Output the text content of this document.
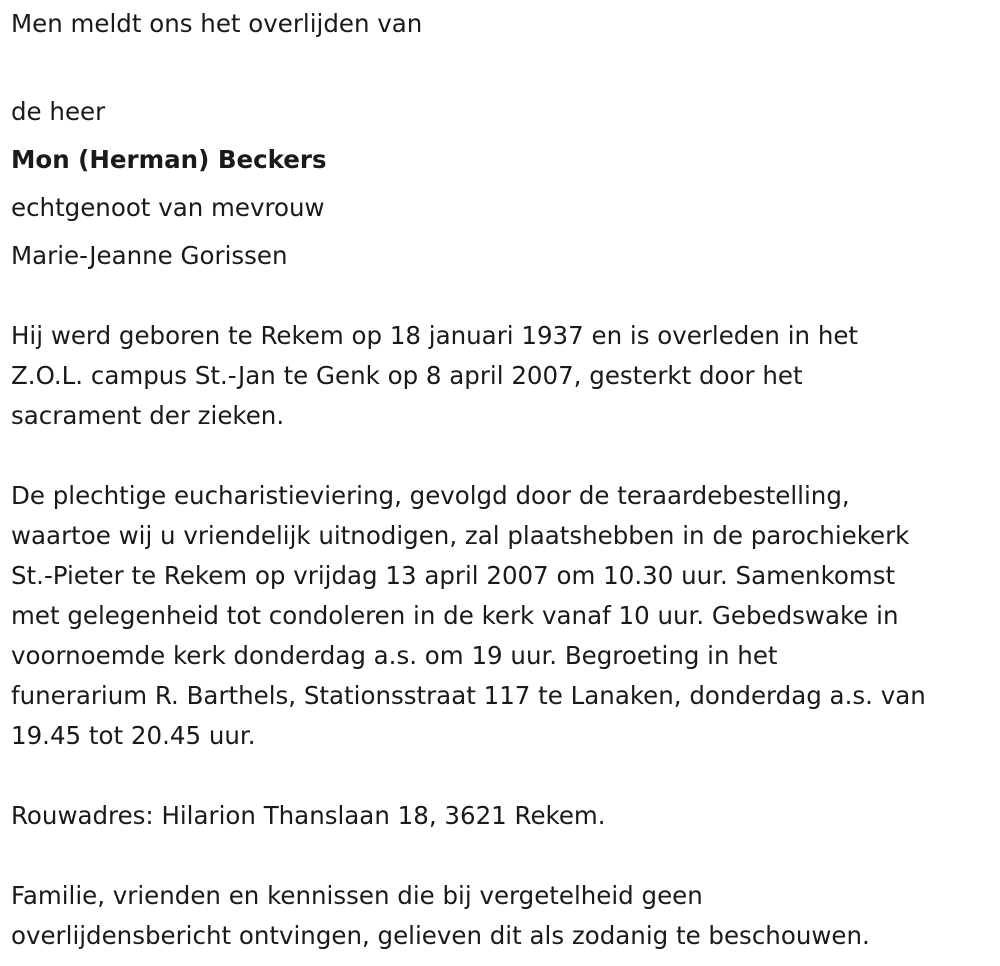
Men meldt ons het overlijden van

de heer

Mon (Herman) Beckers

echtgenoot van mevrouw

Marie-Jeanne Gorissen

Hij werd geboren te Rekem op 18 januari 1937 en is overleden in het

Z.O.L. campus St.-Jan te Genk op 8 april 2007, gesterkt door het

sacrament der zieken.

De plechtige eucharistieviering, gevolgd door de teraardebestelling,

waartoe wij u vriendelijk uitnodigen, zal plaatshebben in de parochiekerk

St.-Pieter te Rekem op vrijdag 13 april 2007 om 10.30 uur. Samenkomst

met gelegenheid tot condoleren in de kerk vanaf 10 uur. Gebedswake in

voornoemde kerk donderdag a.s. om 19 uur. Begroeting in het

funerarium R. Barthels, Stationsstraat 117 te Lanaken, donderdag a.s. van

19.45 tot 20.45 uur.

Rouwadres: Hilarion Thanslaan 18, 3621 Rekem.

Familie, vrienden en kennissen die bij vergetelheid geen

overlijdensbericht ontvingen, gelieven dit als zodanig te beschouwen.
